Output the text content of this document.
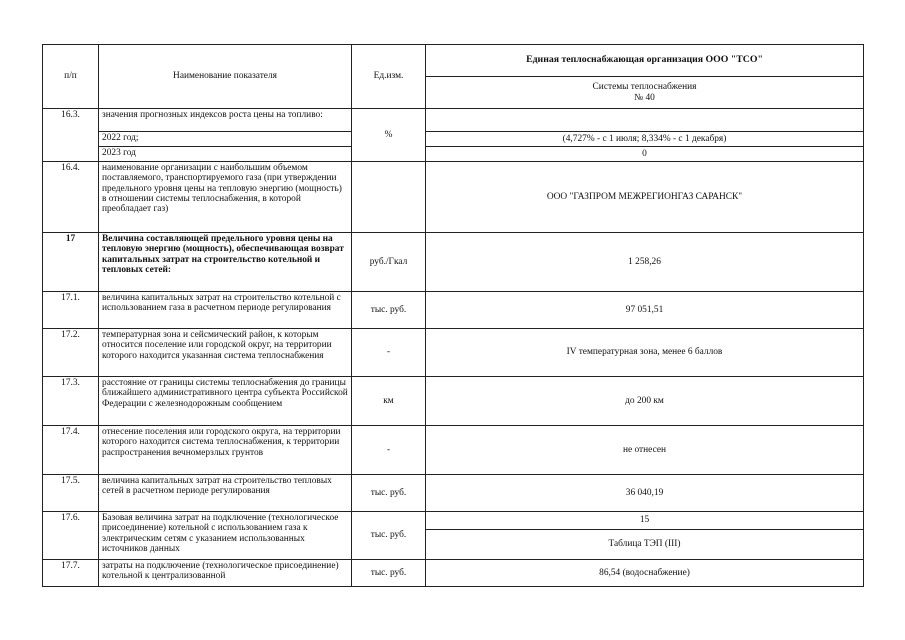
п/п	Наименование показателя	Ед.изм.	Единая теплоснабжающая организация ООО "ТСО"
			Системы теплоснабжения
№ 40
16.3.	значения прогнозных индексов роста цены на топливо:	%	
	2022 год;		(4,727% - с 1 июля; 8,334% - с 1 декабря)
	2023 год		0
16.4.	наименование организации с наибольшим объемом поставляемого, транспортируемого газа (при утверждении предельного уровня цены на тепловую энергию (мощность) в отношении системы теплоснабжения, в которой преобладает газ)		ООО "ГАЗПРОМ МЕЖРЕГИОНГАЗ САРАНСК"
17	Величина составляющей предельного уровня цены на тепловую энергию (мощность), обеспечивающая возврат капитальных затрат на строительство котельной и тепловых сетей:	руб./Гкал	1 258,26
17.1.	величина капитальных затрат на строительство котельной с использованием газа в расчетном периоде регулирования	тыс. руб.	97 051,51
17.2.	температурная зона и сейсмический район, к которым относится поселение или городской округ, на территории которого находится указанная система теплоснабжения	-	IV температурная зона, менее 6 баллов
17.3.	расстояние от границы системы теплоснабжения до границы ближайшего административного центра субъекта Российской Федерации с железнодорожным сообщением	км	до 200 км
17.4.	отнесение поселения или городского округа, на территории которого находится система теплоснабжения, к территории распространения вечномерзлых грунтов	-	не отнесен
17.5.	величина капитальных затрат на строительство тепловых сетей в расчетном периоде регулирования	тыс. руб.	36 040,19
17.6.	Базовая величина затрат на подключение (технологическое присоединение) котельной с использованием газа к электрическим сетям с указанием использованных источников данных	тыс. руб.	15
			Таблица ТЭП (III)
17.7.	затраты на подключение (технологическое присоединение) котельной к централизованной	тыс. руб.	86,54 (водоснабжение)
